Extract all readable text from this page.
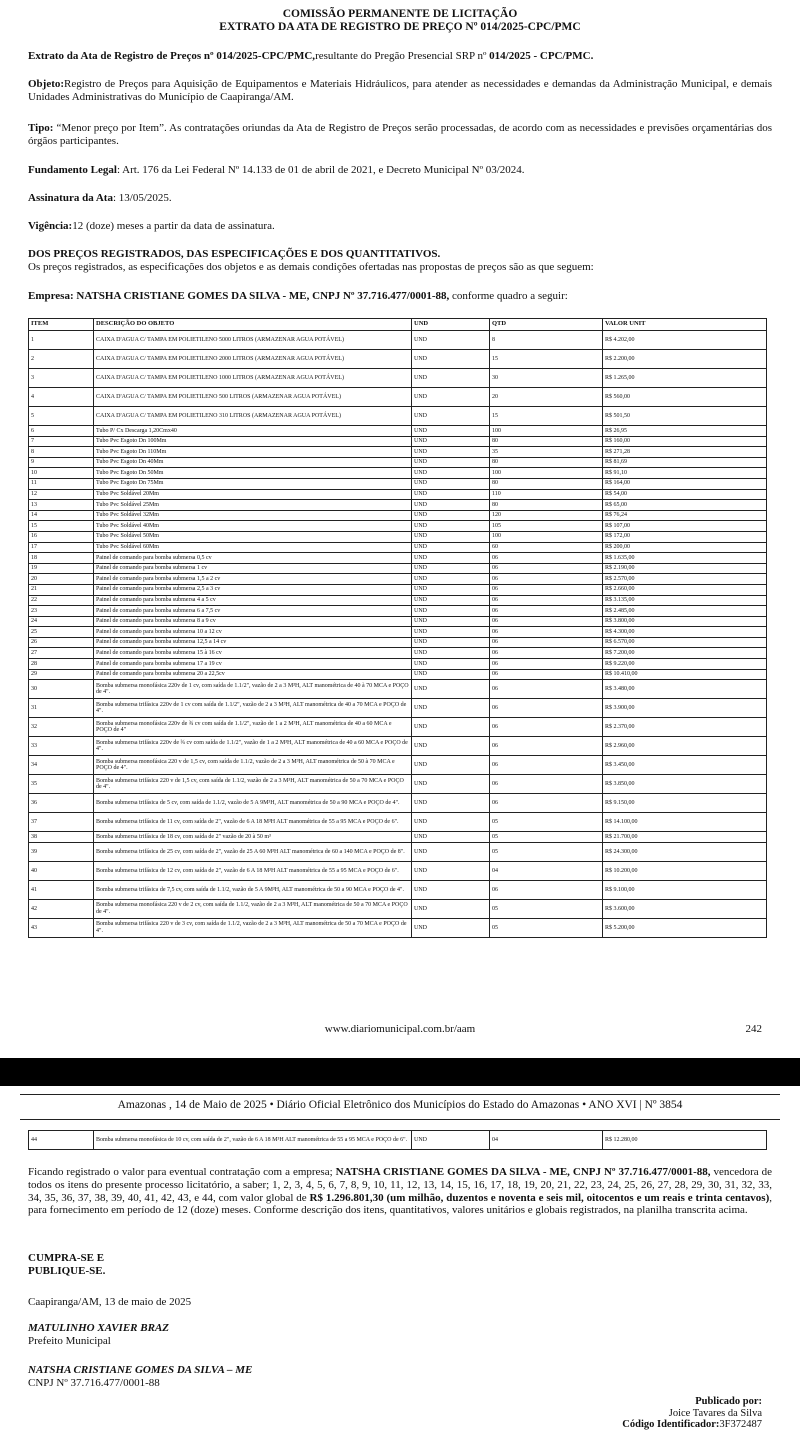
COMISSÃO PERMANENTE DE LICITAÇÃO
EXTRATO DA ATA DE REGISTRO DE PREÇO Nº 014/2025-CPC/PMC
Extrato da Ata de Registro de Preços nº 014/2025-CPC/PMC,resultante do Pregão Presencial SRP nº 014/2025 - CPC/PMC.
Objeto:Registro de Preços para Aquisição de Equipamentos e Materiais Hidráulicos, para atender as necessidades e demandas da Administração Municipal, e demais Unidades Administrativas do Município de Caapiranga/AM.
Tipo: “Menor preço por Item”. As contratações oriundas da Ata de Registro de Preços serão processadas, de acordo com as necessidades e previsões orçamentárias dos órgãos participantes.
Fundamento Legal: Art. 176 da Lei Federal Nº 14.133 de 01 de abril de 2021, e Decreto Municipal Nº 03/2024.
Assinatura da Ata: 13/05/2025.
Vigência:12 (doze) meses a partir da data de assinatura.
DOS PREÇOS REGISTRADOS, DAS ESPECIFICAÇÕES E DOS QUANTITATIVOS.
Os preços registrados, as especificações dos objetos e as demais condições ofertadas nas propostas de preços são as que seguem:
Empresa: NATSHA CRISTIANE GOMES DA SILVA - ME, CNPJ Nº 37.716.477/0001-88, conforme quadro a seguir:
ITEM	DESCRIÇÃO DO OBJETO	UND	QTD	VALOR UNIT
1	CAIXA D'AGUA C/ TAMPA EM POLIETILENO 5000 LITROS (ARMAZENAR AGUA POTÁVEL)	UND	8	R$ 4.202,00
2	CAIXA D'AGUA C/ TAMPA EM POLIETILENO 2000 LITROS (ARMAZENAR AGUA POTÁVEL)	UND	15	R$ 2.200,00
3	CAIXA D'AGUA C/ TAMPA EM POLIETILENO 1000 LITROS (ARMAZENAR AGUA POTÁVEL)	UND	30	R$ 1.265,00
4	CAIXA D'AGUA C/ TAMPA EM POLIETILENO 500 LITROS (ARMAZENAR AGUA POTÁVEL)	UND	20	R$ 560,00
5	CAIXA D'AGUA C/ TAMPA EM POLIETILENO 310 LITROS (ARMAZENAR AGUA POTÁVEL)	UND	15	R$ 501,50
6	Tubo P/ Cx Descarga 1,20Cmx40	UND	100	R$ 26,95
7	Tubo Pvc Esgoto Dn 100Mm	UND	80	R$ 160,00
8	Tubo Pvc Esgoto Dn 110Mm	UND	35	R$ 271,28
9	Tubo Pvc Esgoto Dn 40Mm	UND	80	R$ 81,69
10	Tubo Pvc Esgoto Dn 50Mm	UND	100	R$ 91,10
11	Tubo Pvc Esgoto Dn 75Mm	UND	80	R$ 164,00
12	Tubo Pvc Soldável 20Mm	UND	110	R$ 54,00
13	Tubo Pvc Soldável 25Mm	UND	80	R$ 65,00
14	Tubo Pvc Soldável 32Mm	UND	120	R$ 76,24
15	Tubo Pvc Soldável 40Mm	UND	105	R$ 107,00
16	Tubo Pvc Soldável 50Mm	UND	100	R$ 172,00
17	Tubo Pvc Soldável 60Mm	UND	60	R$ 200,00
18	Painel de comando para bomba submersa 0,5 cv	UND	06	R$ 1.635,00
19	Painel de comando para bomba submersa 1 cv	UND	06	R$ 2.190,00
20	Painel de comando para bomba submersa 1,5 a 2 cv	UND	06	R$ 2.570,00
21	Painel de comando para bomba submersa 2,5 a 3 cv	UND	06	R$ 2.660,00
22	Painel de comando para bomba submersa 4 a 5 cv	UND	06	R$ 3.135,00
23	Painel de comando para bomba submersa 6 a 7,5 cv	UND	06	R$ 2.485,00
24	Painel de comando para bomba submersa 8 a 9 cv	UND	06	R$ 3.800,00
25	Painel de comando para bomba submersa 10 a 12 cv	UND	06	R$ 4.300,00
26	Painel de comando para bomba submersa 12,5 a 14 cv	UND	06	R$ 6.570,00
27	Painel de comando para bomba submersa 15 à 16 cv	UND	06	R$ 7.200,00
28	Painel de comando para bomba submersa 17 a 19 cv	UND	06	R$ 9.220,00
29	Painel de comando para bomba submersa 20 a 22,5cv	UND	06	R$ 10.410,00
30	Bomba submersa monofásica 220v de 1 cv, com saída de 1.1/2", vazão de 2 a 3 M³H, ALT manométrica de 40 à 70 MCA e POÇO de 4".	UND	06	R$ 3.480,00
31	Bomba submersa trifásica 220v de 1 cv com saída de 1.1/2", vazão de 2 a 3 M³H, ALT manométrica de 40 a 70 MCA e POÇO de 4".	UND	06	R$ 3.900,00
32	Bomba submersa monofásica 220v de ¾ cv com saída de 1.1/2", vazão de 1 a 2 M³H, ALT manométrica de 40 a 60 MCA e POÇO de 4"	UND	06	R$ 2.370,00
33	Bomba submersa trifásica 220v de ¾ cv com saída de 1.1/2", vazão de 1 a 2 M³H, ALT manométrica de 40 a 60 MCA e POÇO de 4".	UND	06	R$ 2.960,00
34	Bomba submersa monofásica 220 v de 1,5 cv, com saída de 1.1/2, vazão de 2 a 3 M³H, ALT manométrica de 50 à 70 MCA e POÇO de 4".	UND	06	R$ 3.450,00
35	Bomba submersa trifásica 220 v de 1,5 cv, com saída de 1.1/2, vazão de 2 a 3 M³H, ALT manométrica de 50 a 70 MCA e POÇO de 4".	UND	06	R$ 3.850,00
36	Bomba submersa trifásica de 5 cv, com saída de 1.1/2, vazão de 5 A 9M³H, ALT manométrica de 50 a 90 MCA e POÇO de 4".	UND	06	R$ 9.150,00
37	Bomba submersa trifásica de 11 cv, com saída de 2", vazão de 6 A 18 M³H ALT manométrica de 55 a 95 MCA e POÇO de 6".	UND	05	R$ 14.100,00
38	Bomba submersa trifásica de 18 cv, com saída de 2" vazão de 20 à 50 m³	UND	05	R$ 21.700,00
39	Bomba submersa trifásica de 25 cv, com saída de 2", vazão de 25 A 60 M³H ALT manométrica de 60 a 140 MCA e POÇO de 8".	UND	05	R$ 24.300,00
40	Bomba submersa trifásica de 12 cv, com saída de 2", vazão de 6 A 18 M³H ALT manométrica de 55 a 95 MCA e POÇO de 6".	UND	04	R$ 10.200,00
41	Bomba submersa trifásica de 7,5 cv, com saída de 1.1/2, vazão de 5 A 9M³H, ALT manométrica de 50 a 90 MCA e POÇO de 4".	UND	06	R$ 9.100,00
42	Bomba submersa monofásica 220 v de 2 cv, com saída de 1.1/2, vazão de 2 a 3 M³H, ALT manométrica de 50 a 70 MCA e POÇO de 4".	UND	05	R$ 3.600,00
43	Bomba submersa trifásica 220 v de 3 cv, com saída de 1.1/2, vazão de 2 a 3 M³H, ALT manométrica de 50 a 70 MCA e POÇO de 4".	UND	05	R$ 5.200,00
www.diariomunicipal.com.br/aam	242
Amazonas , 14 de Maio de 2025 • Diário Oficial Eletrônico dos Municípios do Estado do Amazonas • ANO XVI | Nº 3854
44	Bomba submersa monofásica de 10 cv, com saída de 2", vazão de 6 A 18 M³H ALT manométrica de 55 a 95 MCA e POÇO de 6".	UND	04	R$ 12.280,00
Ficando registrado o valor para eventual contratação com a empresa; NATSHA CRISTIANE GOMES DA SILVA - ME, CNPJ Nº 37.716.477/0001-88, vencedora de todos os itens do presente processo licitatório, a saber; 1, 2, 3, 4, 5, 6, 7, 8, 9, 10, 11, 12, 13, 14, 15, 16, 17, 18, 19, 20, 21, 22, 23, 24, 25, 26, 27, 28, 29, 30, 31, 32, 33, 34, 35, 36, 37, 38, 39, 40, 41, 42, 43, e 44, com valor global de R$ 1.296.801,30 (um milhão, duzentos e noventa e seis mil, oitocentos e um reais e trinta centavos), para fornecimento em período de 12 (doze) meses. Conforme descrição dos itens, quantitativos, valores unitários e globais registrados, na planilha transcrita acima.
CUMPRA-SE E
PUBLIQUE-SE.
Caapiranga/AM, 13 de maio de 2025
MATULINHO XAVIER BRAZ
Prefeito Municipal
NATSHA CRISTIANE GOMES DA SILVA – ME
CNPJ Nº 37.716.477/0001-88
Publicado por:
Joice Tavares da Silva
Código Identificador:3F372487
